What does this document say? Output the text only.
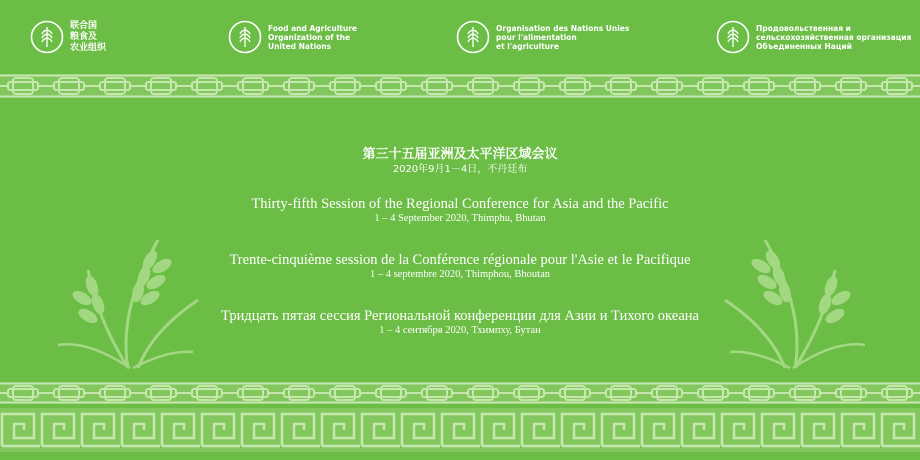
联合国
粮食及
农业组织
Food and Agriculture
Organization of the
United Nations
Organisation des Nations Unies
pour l'alimentation
et l'agriculture
Продовольственная и
сельскохозяйственная организация
Объединенных Наций
第三十五届亚洲及太平洋区域会议
2020年9月1－4日，不丹廷布
Thirty-fifth Session of the Regional Conference for Asia and the Pacific
1 – 4 September 2020, Thimphu, Bhutan
Trente-cinquième session de la Conférence régionale pour l'Asie et le Pacifique
1 – 4 septembre 2020, Thimphou, Bhoutan
Тридцать пятая сессия Региональной конференции для Азии и Тихого океана
1 – 4 сентября 2020, Тхимпху, Бутан
